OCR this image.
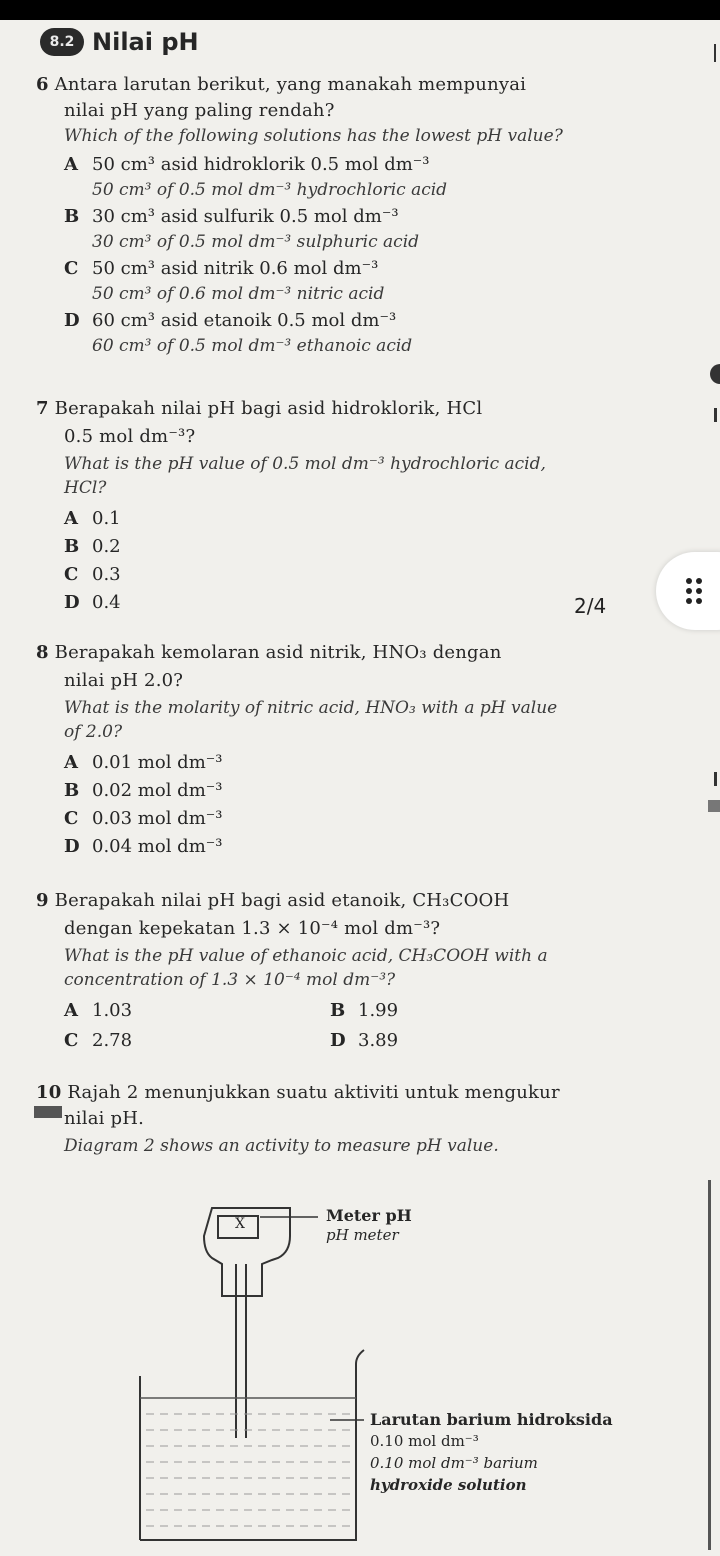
8.2 Nilai pH
6 Antara larutan berikut, yang manakah mempunyai
nilai pH yang paling rendah?
Which of the following solutions has the lowest pH value?
A 50 cm³ asid hidroklorik 0.5 mol dm⁻³
50 cm³ of 0.5 mol dm⁻³ hydrochloric acid
B 30 cm³ asid sulfurik 0.5 mol dm⁻³
30 cm³ of 0.5 mol dm⁻³ sulphuric acid
C 50 cm³ asid nitrik 0.6 mol dm⁻³
50 cm³ of 0.6 mol dm⁻³ nitric acid
D 60 cm³ asid etanoik 0.5 mol dm⁻³
60 cm³ of 0.5 mol dm⁻³ ethanoic acid
7 Berapakah nilai pH bagi asid hidroklorik, HCl
0.5 mol dm⁻³?
What is the pH value of 0.5 mol dm⁻³ hydrochloric acid,
HCl?
A 0.1
B 0.2
C 0.3
D 0.4
8 Berapakah kemolaran asid nitrik, HNO₃ dengan
nilai pH 2.0?
What is the molarity of nitric acid, HNO₃ with a pH value
of 2.0?
A 0.01 mol dm⁻³
B 0.02 mol dm⁻³
C 0.03 mol dm⁻³
D 0.04 mol dm⁻³
9 Berapakah nilai pH bagi asid etanoik, CH₃COOH
dengan kepekatan 1.3 × 10⁻⁴ mol dm⁻³?
What is the pH value of ethanoic acid, CH₃COOH with a
concentration of 1.3 × 10⁻⁴ mol dm⁻³?
A 1.03	B 1.99
C 2.78	D 3.89
10 Rajah 2 menunjukkan suatu aktiviti untuk mengukur
nilai pH.
Diagram 2 shows an activity to measure pH value.
X	Meter pH
pH meter
Larutan barium hidroksida
0.10 mol dm⁻³
0.10 mol dm⁻³ barium
hydroxide solution
2/4
